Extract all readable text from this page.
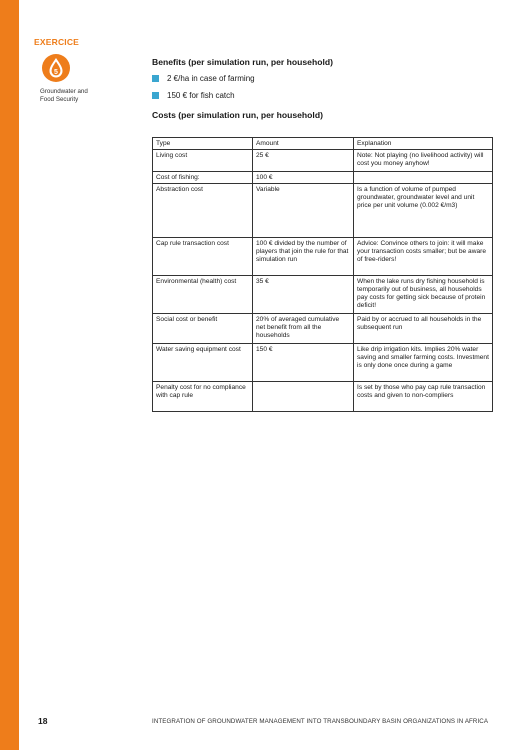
EXERCICE
5
Groundwater and
Food Security
Benefits (per simulation run, per household)
2 €/ha in case of farming
150 € for fish catch
Costs (per simulation run, per household)
Type	Amount	Explanation
Living cost	25 €	Note: Not playing (no livelihood activity) will cost you money anyhow!
Cost of fishing:	100 €	
Abstraction cost	Variable	Is a function of volume of pumped groundwater, groundwater level and unit price per unit volume (0.002 €/m3)
Cap rule transaction cost	100 € divided by the number of players that join the rule for that simulation run	Advice: Convince others to join: it will make your transaction costs smaller; but be aware of free-riders!
Environmental (health) cost	35 €	When the lake runs dry fishing household is temporarily out of business, all households pay costs for getting sick because of protein deficit!
Social cost or benefit	20% of averaged cumulative net benefit from all the households	Paid by or accrued to all households in the subsequent run
Water saving equipment cost	150 €	Like drip irrigation kits. Implies 20% water saving and smaller farming costs. Investment is only done once during a game
Penalty cost for no compliance with cap rule		Is set by those who pay cap rule transaction costs and given to non-compliers
18	INTEGRATION OF GROUNDWATER MANAGEMENT INTO TRANSBOUNDARY BASIN ORGANIZATIONS IN AFRICA
